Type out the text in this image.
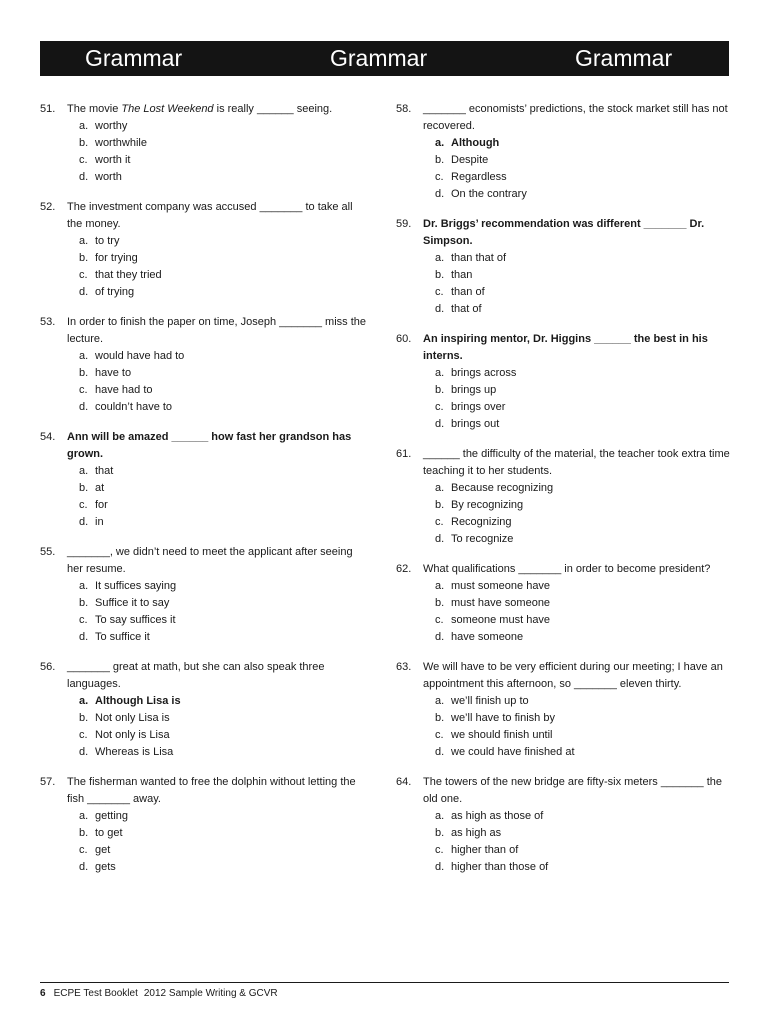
Grammar	Grammar	Grammar
51.	The movie The Lost Weekend is really ______ seeing.
a. worthy
b. worthwhile
c. worth it
d. worth
52.	The investment company was accused _______ to take all the money.
a. to try
b. for trying
c. that they tried
d. of trying
53.	In order to finish the paper on time, Joseph _______ miss the lecture.
a. would have had to
b. have to
c. have had to
d. couldn’t have to
54.	Ann will be amazed ______ how fast her grandson has grown.
a. that
b. at
c. for
d. in
55.	_______, we didn’t need to meet the applicant after seeing her resume.
a. It suffices saying
b. Suffice it to say
c. To say suffices it
d. To suffice it
56.	_______ great at math, but she can also speak three languages.
a. Although Lisa is
b. Not only Lisa is
c. Not only is Lisa
d. Whereas is Lisa
57.	The fisherman wanted to free the dolphin without letting the fish _______ away.
a. getting
b. to get
c. get
d. gets
58.	_______ economists’ predictions, the stock market still has not recovered.
a. Although
b. Despite
c. Regardless
d. On the contrary
59.	Dr. Briggs’ recommendation was different _______ Dr. Simpson.
a. than that of
b. than
c. than of
d. that of
60.	An inspiring mentor, Dr. Higgins ______ the best in his interns.
a. brings across
b. brings up
c. brings over
d. brings out
61.	______ the difficulty of the material, the teacher took extra time teaching it to her students.
a. Because recognizing
b. By recognizing
c. Recognizing
d. To recognize
62.	What qualifications _______ in order to become president?
a. must someone have
b. must have someone
c. someone must have
d. have someone
63.	We will have to be very efficient during our meeting; I have an appointment this afternoon, so _______ eleven thirty.
a. we’ll finish up to
b. we’ll have to finish by
c. we should finish until
d. we could have finished at
64.	The towers of the new bridge are fifty-six meters _______ the old one.
a. as high as those of
b. as high as
c. higher than of
d. higher than those of
6 ECPE Test Booklet 2012 Sample Writing & GCVR
